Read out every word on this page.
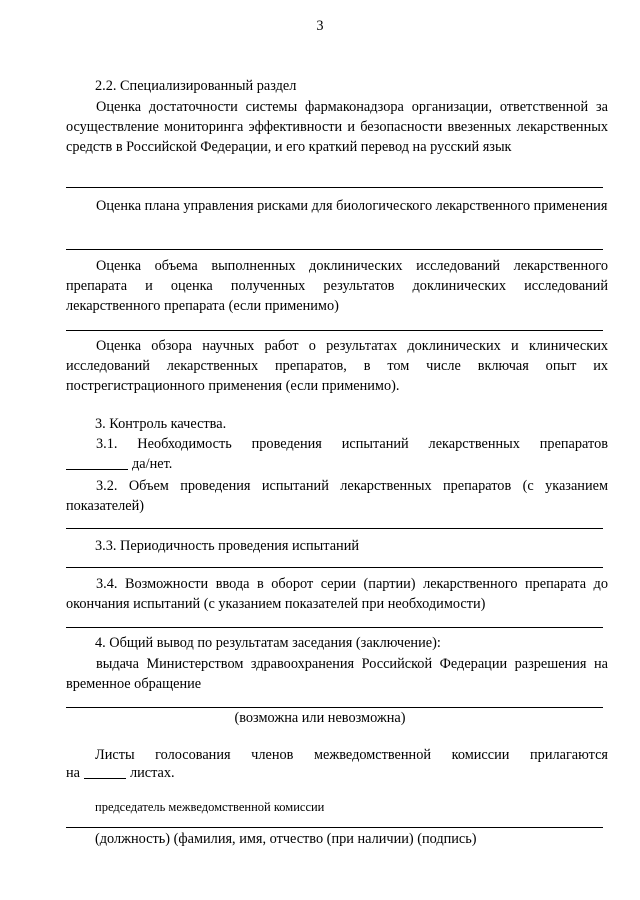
3
2.2. Специализированный раздел
Оценка достаточности системы фармаконадзора организации, ответственной за осуществление мониторинга эффективности и безопасности ввезенных лекарственных средств в Российской Федерации, и его краткий перевод на русский язык
Оценка плана управления рисками для биологического лекарственного применения
Оценка объема выполненных доклинических исследований лекарственного препарата и оценка полученных результатов доклинических исследований лекарственного препарата (если применимо)
Оценка обзора научных работ о результатах доклинических и клинических исследований лекарственных препаратов, в том числе включая опыт их пострегистрационного применения (если применимо).
3. Контроль качества.
3.1. Необходимость проведения испытаний лекарственных препаратов
да/нет.
3.2. Объем проведения испытаний лекарственных препаратов (с указанием показателей)
3.3. Периодичность проведения испытаний
3.4. Возможности ввода в оборот серии (партии) лекарственного препарата до окончания испытаний (с указанием показателей при необходимости)
4. Общий вывод по результатам заседания (заключение):
выдача Министерством здравоохранения Российской Федерации разрешения на временное обращение
(возможна или невозможна)
Листы голосования членов межведомственной комиссии прилагаются
на	листах.
председатель межведомственной комиссии
(должность) (фамилия, имя, отчество (при наличии) (подпись)
